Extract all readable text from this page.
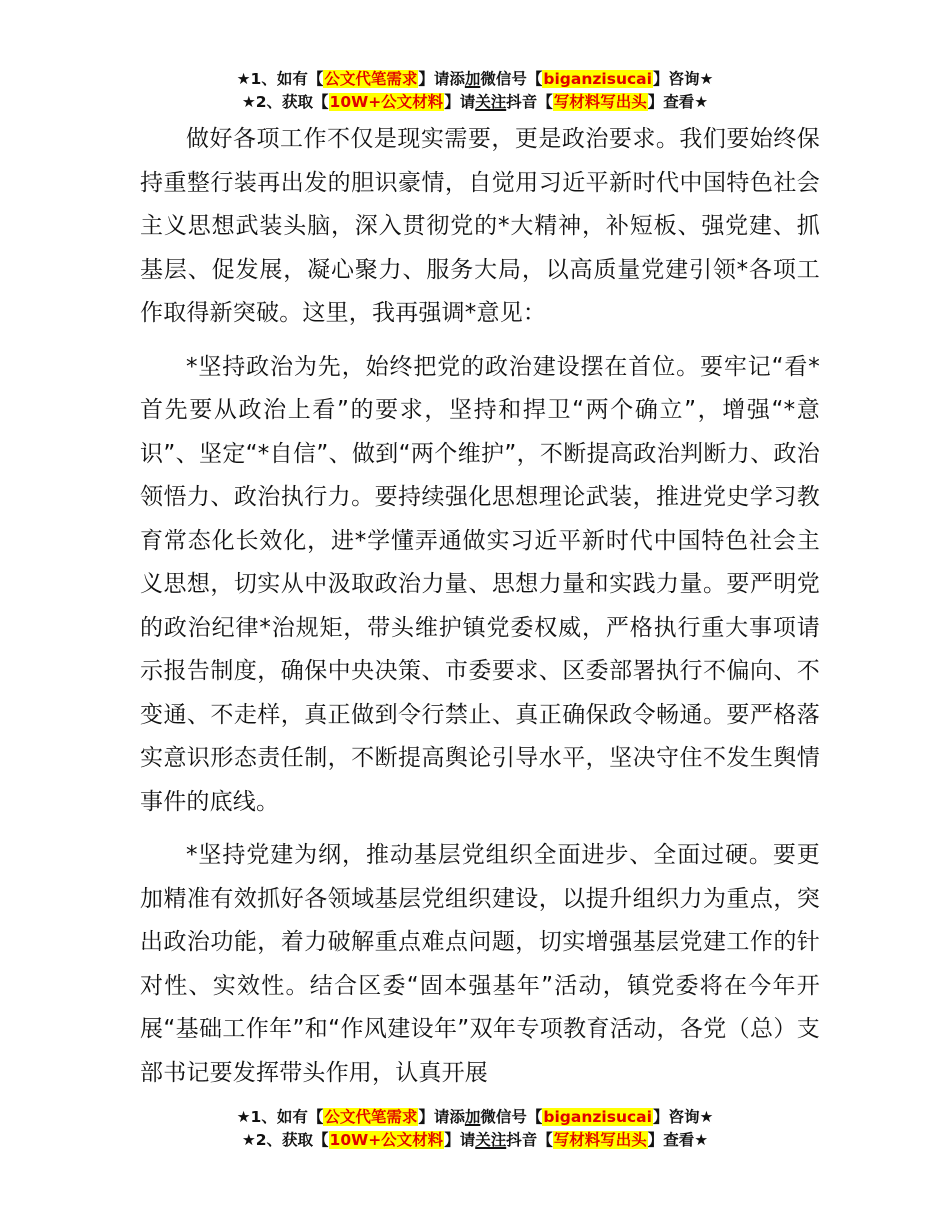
★1、如有【公文代笔需求】请添加微信号【biganzisucai】咨询★
★2、获取【10W+公文材料】请关注抖音【写材料写出头】查看★

做好各项工作不仅是现实需要，更是政治要求。我们要始终保持重整行装再出发的胆识豪情，自觉用习近平新时代中国特色社会主义思想武装头脑，深入贯彻党的*大精神，补短板、强党建、抓基层、促发展，凝心聚力、服务大局，以高质量党建引领*各项工作取得新突破。这里，我再强调*意见：

*坚持政治为先，始终把党的政治建设摆在首位。要牢记“看*首先要从政治上看”的要求，坚持和捍卫“两个确立”，增强“*意识”、坚定“*自信”、做到“两个维护”，不断提高政治判断力、政治领悟力、政治执行力。要持续强化思想理论武装，推进党史学习教育常态化长效化，进*学懂弄通做实习近平新时代中国特色社会主义思想，切实从中汲取政治力量、思想力量和实践力量。要严明党的政治纪律*治规矩，带头维护镇党委权威，严格执行重大事项请示报告制度，确保中央决策、市委要求、区委部署执行不偏向、不变通、不走样，真正做到令行禁止、真正确保政令畅通。要严格落实意识形态责任制，不断提高舆论引导水平，坚决守住不发生舆情事件的底线。

*坚持党建为纲，推动基层党组织全面进步、全面过硬。要更加精准有效抓好各领域基层党组织建设，以提升组织力为重点，突出政治功能，着力破解重点难点问题，切实增强基层党建工作的针对性、实效性。结合区委“固本强基年”活动，镇党委将在今年开展“基础工作年”和“作风建设年”双年专项教育活动，各党（总）支部书记要发挥带头作用，认真开展

★1、如有【公文代笔需求】请添加微信号【biganzisucai】咨询★
★2、获取【10W+公文材料】请关注抖音【写材料写出头】查看★
